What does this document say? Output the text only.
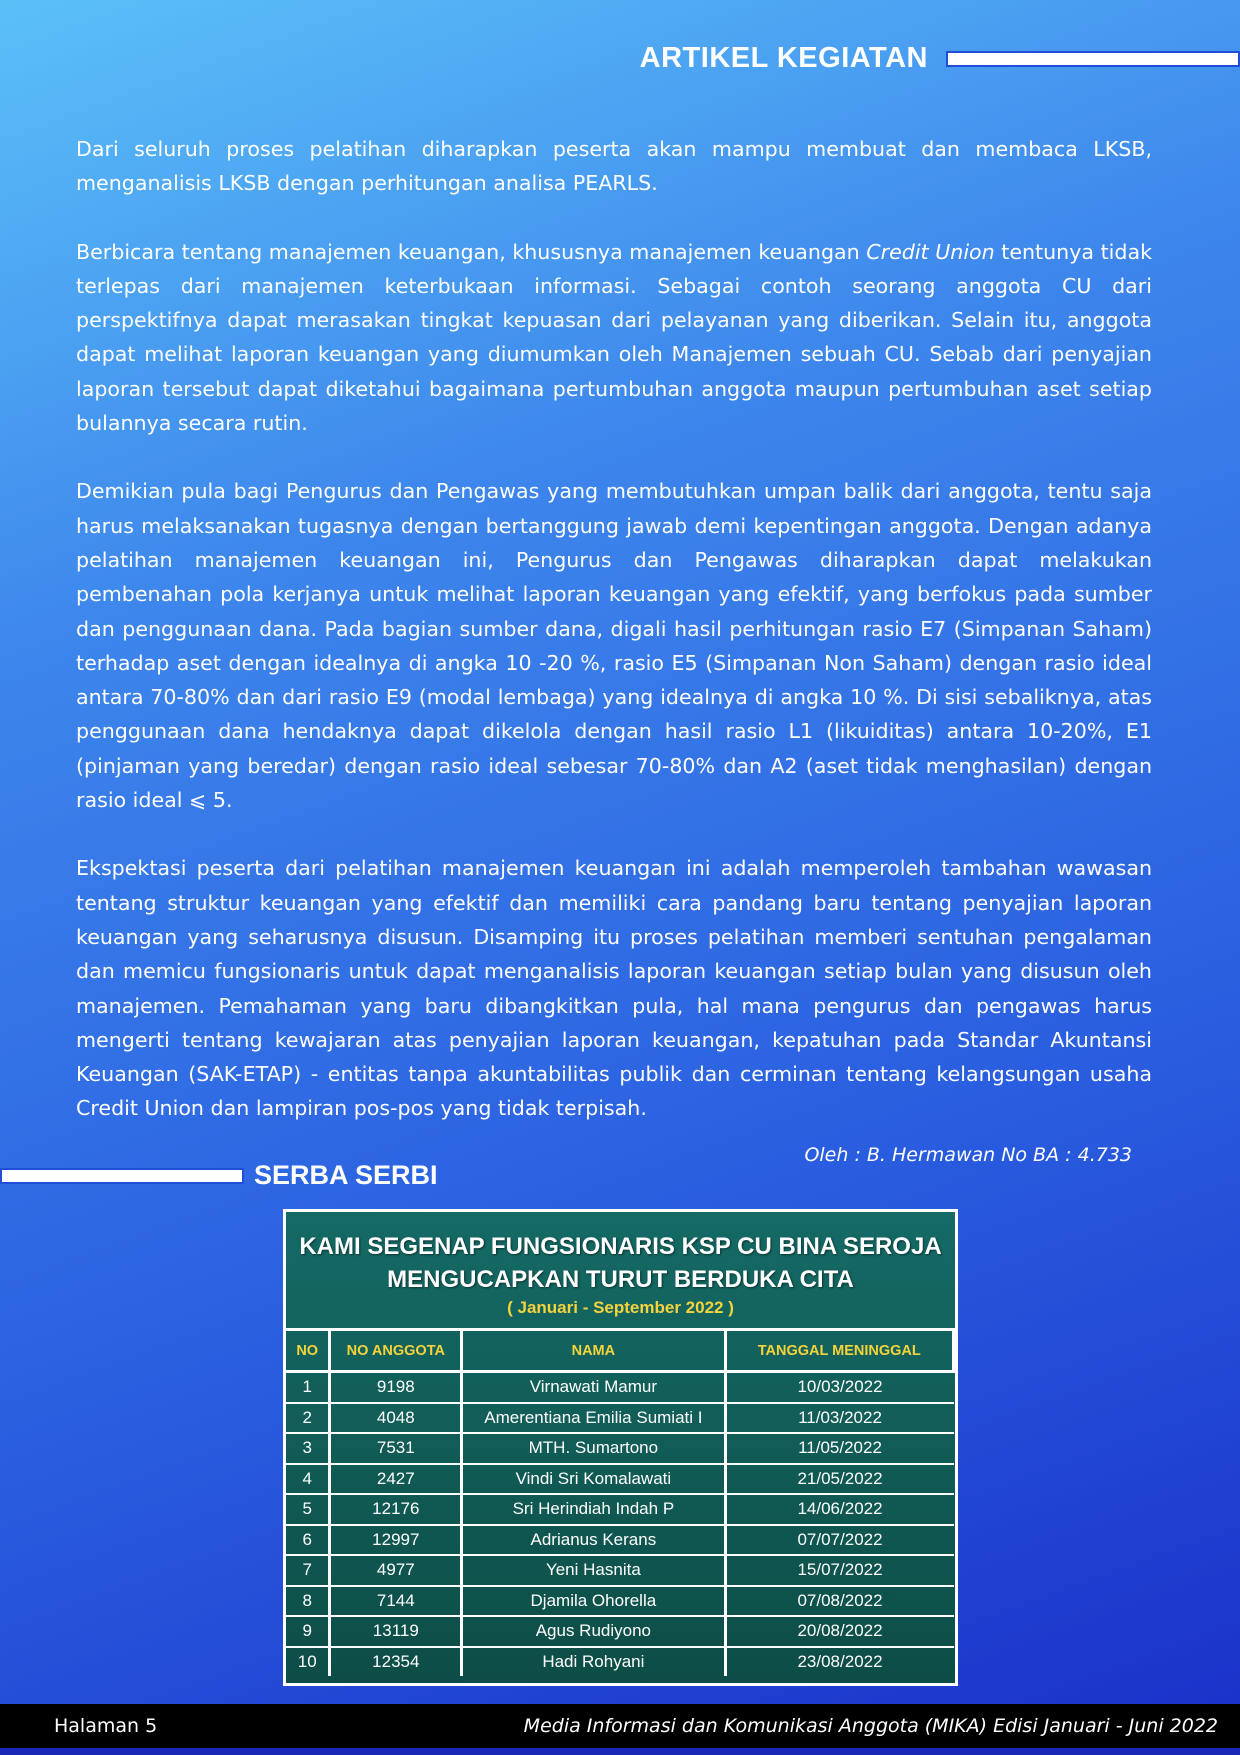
ARTIKEL KEGIATAN

Dari seluruh proses pelatihan diharapkan peserta akan mampu membuat dan membaca LKSB, menganalisis LKSB dengan perhitungan analisa PEARLS.

Berbicara tentang manajemen keuangan, khususnya manajemen keuangan Credit Union tentunya tidak terlepas dari manajemen keterbukaan informasi. Sebagai contoh seorang anggota CU dari perspektifnya dapat merasakan tingkat kepuasan dari pelayanan yang diberikan. Selain itu, anggota dapat melihat laporan keuangan yang diumumkan oleh Manajemen sebuah CU. Sebab dari penyajian laporan tersebut dapat diketahui bagaimana pertumbuhan anggota maupun pertumbuhan aset setiap bulannya secara rutin.

Demikian pula bagi Pengurus dan Pengawas yang membutuhkan umpan balik dari anggota, tentu saja harus melaksanakan tugasnya dengan bertanggung jawab demi kepentingan anggota. Dengan adanya pelatihan manajemen keuangan ini, Pengurus dan Pengawas diharapkan dapat melakukan pembenahan pola kerjanya untuk melihat laporan keuangan yang efektif, yang berfokus pada sumber dan penggunaan dana. Pada bagian sumber dana, digali hasil perhitungan rasio E7 (Simpanan Saham) terhadap aset dengan idealnya di angka 10 -20 %, rasio E5 (Simpanan Non Saham) dengan rasio ideal antara 70-80% dan dari rasio E9 (modal lembaga) yang idealnya di angka 10 %. Di sisi sebaliknya, atas penggunaan dana hendaknya dapat dikelola dengan hasil rasio L1 (likuiditas) antara 10-20%, E1 (pinjaman yang beredar) dengan rasio ideal sebesar 70-80% dan A2 (aset tidak menghasilan) dengan rasio ideal ⩽ 5.

Ekspektasi peserta dari pelatihan manajemen keuangan ini adalah memperoleh tambahan wawasan tentang struktur keuangan yang efektif dan memiliki cara pandang baru tentang penyajian laporan keuangan yang seharusnya disusun. Disamping itu proses pelatihan memberi sentuhan pengalaman dan memicu fungsionaris untuk dapat menganalisis laporan keuangan setiap bulan yang disusun oleh manajemen. Pemahaman yang baru dibangkitkan pula, hal mana pengurus dan pengawas harus mengerti tentang kewajaran atas penyajian laporan keuangan, kepatuhan pada Standar Akuntansi Keuangan (SAK-ETAP) - entitas tanpa akuntabilitas publik dan cerminan tentang kelangsungan usaha Credit Union dan lampiran pos-pos yang tidak terpisah.

Oleh : B. Hermawan No BA : 4.733
SERBA SERBI
KAMI SEGENAP FUNGSIONARIS KSP CU BINA SEROJA
MENGUCAPKAN TURUT BERDUKA CITA
( Januari - September 2022 )
NO	NO ANGGOTA	NAMA	TANGGAL MENINGGAL
1	9198	Virnawati Mamur	10/03/2022
2	4048	Amerentiana Emilia Sumiati I	11/03/2022
3	7531	MTH. Sumartono	11/05/2022
4	2427	Vindi Sri Komalawati	21/05/2022
5	12176	Sri Herindiah Indah P	14/06/2022
6	12997	Adrianus Kerans	07/07/2022
7	4977	Yeni Hasnita	15/07/2022
8	7144	Djamila Ohorella	07/08/2022
9	13119	Agus Rudiyono	20/08/2022
10	12354	Hadi Rohyani	23/08/2022
Halaman 5	Media Informasi dan Komunikasi Anggota (MIKA) Edisi Januari - Juni 2022
